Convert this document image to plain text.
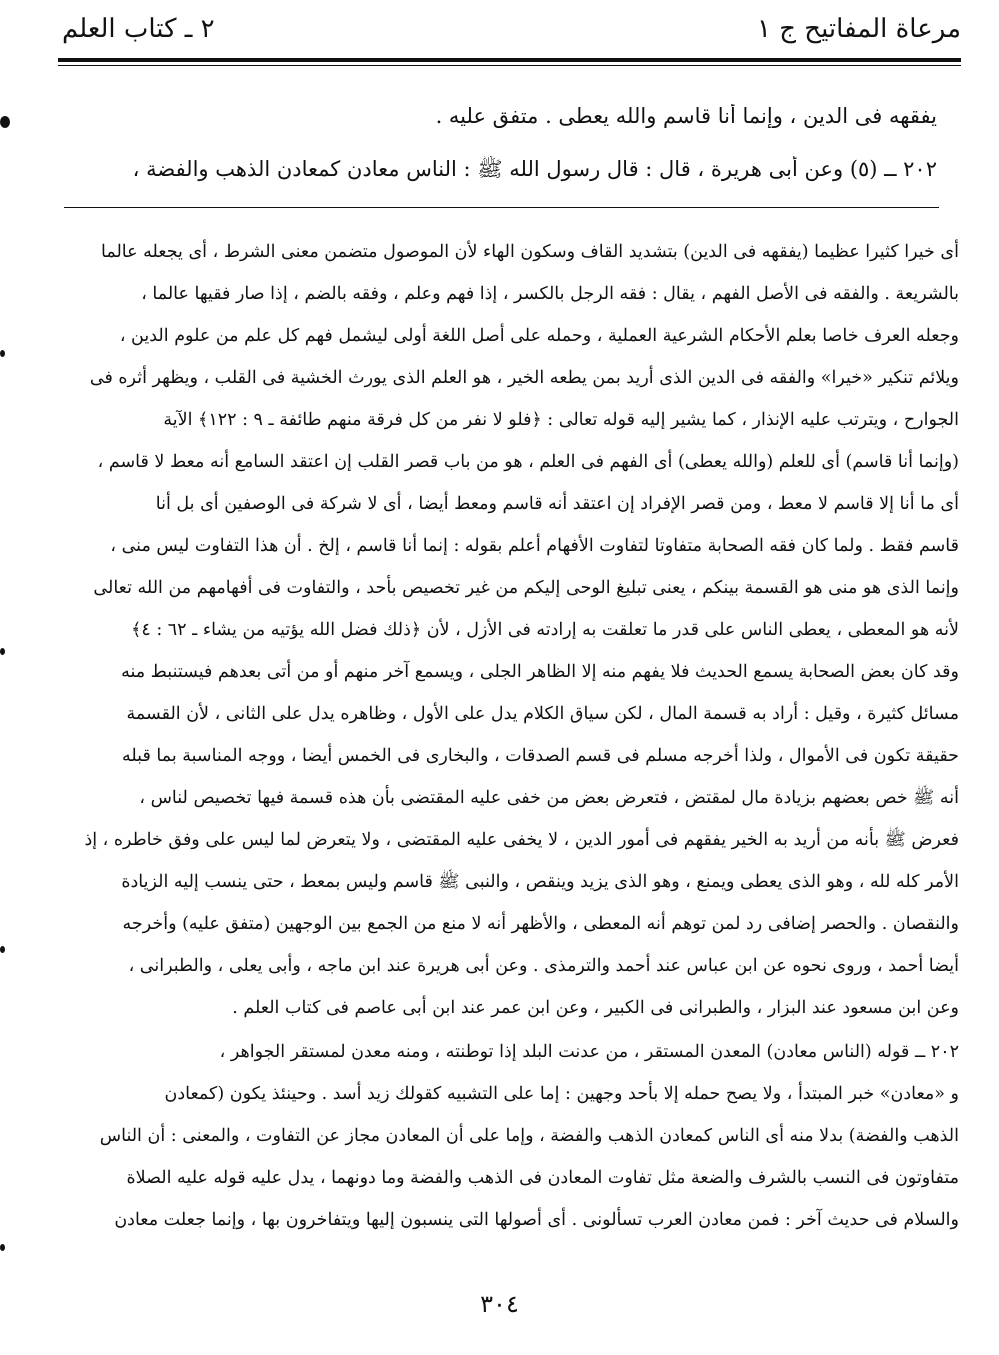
مرعاة المفاتيح ج ١
٢ ـ كتاب العلم
يفقهه فى الدين ، وإنما أنا قاسم والله يعطى . متفق عليه .
٢٠٢ ــ (٥) وعن أبى هريرة ، قال : قال رسول الله ﷺ : الناس معادن كمعادن الذهب والفضة ،
أى خيرا كثيرا عظيما (يفقهه فى الدين) بتشديد القاف وسكون الهاء لأن الموصول متضمن معنى الشرط ، أى يجعله عالما
بالشريعة . والفقه فى الأصل الفهم ، يقال : فقه الرجل بالكسر ، إذا فهم وعلم ، وفقه بالضم ، إذا صار فقيها عالما ،
وجعله العرف خاصا بعلم الأحكام الشرعية العملية ، وحمله على أصل اللغة أولى ليشمل فهم كل علم من علوم الدين ،
ويلائم تنكير «خيرا» والفقه فى الدين الذى أريد بمن يطعه الخير ، هو العلم الذى يورث الخشية فى القلب ، ويظهر أثره فى
الجوارح ، ويترتب عليه الإنذار ، كما يشير إليه قوله تعالى : ﴿فلو لا نفر من كل فرقة منهم طائفة ـ ٩ : ١٢٢﴾ الآية
(وإنما أنا قاسم) أى للعلم (والله يعطى) أى الفهم فى العلم ، هو من باب قصر القلب إن اعتقد السامع أنه معط لا قاسم ،
أى ما أنا إلا قاسم لا معط ، ومن قصر الإفراد إن اعتقد أنه قاسم ومعط أيضا ، أى لا شركة فى الوصفين أى بل أنا
قاسم فقط . ولما كان فقه الصحابة متفاوتا لتفاوت الأفهام أعلم بقوله : إنما أنا قاسم ، إلخ . أن هذا التفاوت ليس منى ،
وإنما الذى هو منى هو القسمة بينكم ، يعنى تبليغ الوحى إليكم من غير تخصيص بأحد ، والتفاوت فى أفهامهم من الله تعالى
لأنه هو المعطى ، يعطى الناس على قدر ما تعلقت به إرادته فى الأزل ، لأن ﴿ذلك فضل الله يؤتيه من يشاء ـ ٦٢ : ٤﴾
وقد كان بعض الصحابة يسمع الحديث فلا يفهم منه إلا الظاهر الجلى ، ويسمع آخر منهم أو من أتى بعدهم فيستنبط منه
مسائل كثيرة ، وقيل : أراد به قسمة المال ، لكن سياق الكلام يدل على الأول ، وظاهره يدل على الثانى ، لأن القسمة
حقيقة تكون فى الأموال ، ولذا أخرجه مسلم فى قسم الصدقات ، والبخارى فى الخمس أيضا ، ووجه المناسبة بما قبله
أنه ﷺ خص بعضهم بزيادة مال لمقتض ، فتعرض بعض من خفى عليه المقتضى بأن هذه قسمة فيها تخصيص لناس ،
فعرض ﷺ بأنه من أريد به الخير يفقهم فى أمور الدين ، لا يخفى عليه المقتضى ، ولا يتعرض لما ليس على وفق خاطره ، إذ
الأمر كله لله ، وهو الذى يعطى ويمنع ، وهو الذى يزيد وينقص ، والنبى ﷺ قاسم وليس بمعط ، حتى ينسب إليه الزيادة
والنقصان . والحصر إضافى رد لمن توهم أنه المعطى ، والأظهر أنه لا منع من الجمع بين الوجهين (متفق عليه) وأخرجه
أيضا أحمد ، وروى نحوه عن ابن عباس عند أحمد والترمذى . وعن أبى هريرة عند ابن ماجه ، وأبى يعلى ، والطبرانى ،
وعن ابن مسعود عند البزار ، والطبرانى فى الكبير ، وعن ابن عمر عند ابن أبى عاصم فى كتاب العلم .
٢٠٢ ــ قوله (الناس معادن) المعدن المستقر ، من عدنت البلد إذا توطنته ، ومنه معدن لمستقر الجواهر ،
و «معادن» خبر المبتدأ ، ولا يصح حمله إلا بأحد وجهين : إما على التشبيه كقولك زيد أسد . وحينئذ يكون (كمعادن
الذهب والفضة) بدلا منه أى الناس كمعادن الذهب والفضة ، وإما على أن المعادن مجاز عن التفاوت ، والمعنى : أن الناس
متفاوتون فى النسب بالشرف والضعة مثل تفاوت المعادن فى الذهب والفضة وما دونهما ، يدل عليه قوله عليه الصلاة
والسلام فى حديث آخر : فمن معادن العرب تسألونى . أى أصولها التى ينسبون إليها ويتفاخرون بها ، وإنما جعلت معادن
٣٠٤
